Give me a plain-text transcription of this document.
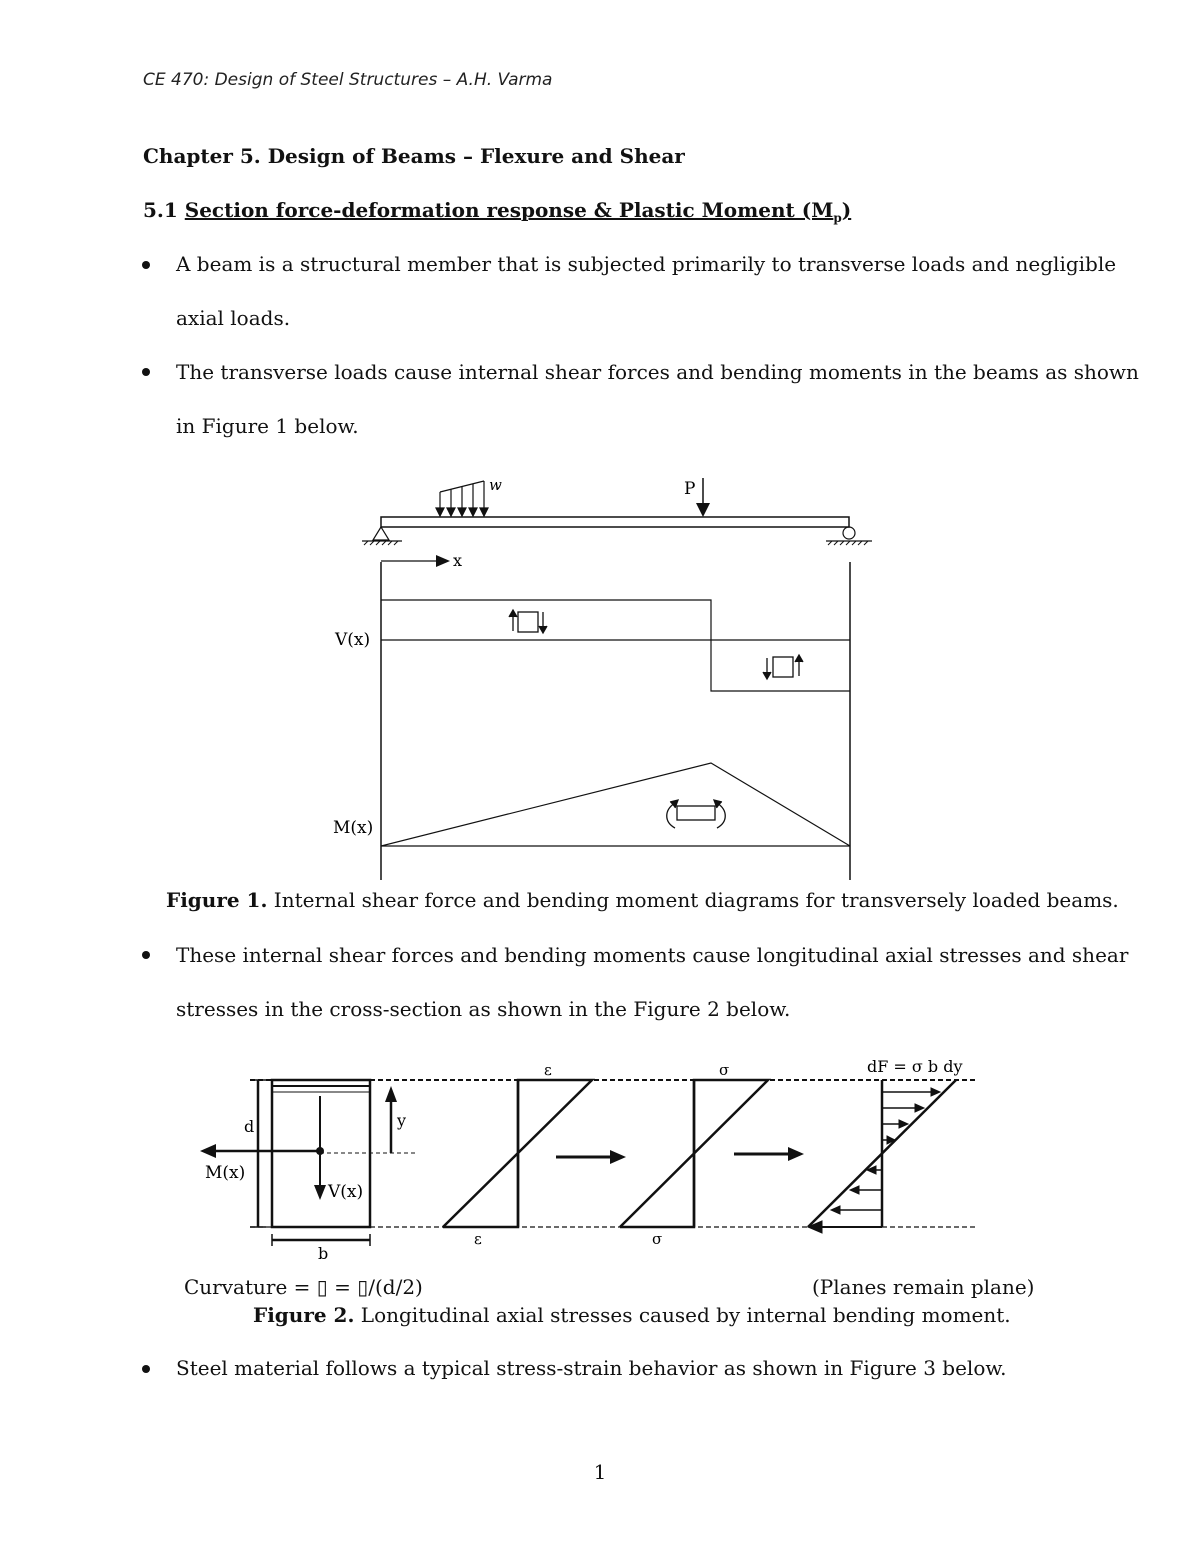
CE 470: Design of Steel Structures – A.H. Varma
Chapter 5. Design of Beams – Flexure and Shear
5.1 Section force-deformation response & Plastic Moment $(M_p)$
A beam is a structural member that is subjected primarily to transverse loads and negligible
axial loads.
The transverse loads cause internal shear forces and bending moments in the beams as shown
in Figure 1 below.
w	P
x
V(x)
M(x)
Figure 1. Internal shear force and bending moment diagrams for transversely loaded beams.
These internal shear forces and bending moments cause longitudinal axial stresses and shear
stresses in the cross-section as shown in the Figure 2 below.
d
M(x)
V(x)
y
b
ε
ε
σ
σ
dF = σ b dy
Curvature = ▯ = ▯/(d/2)	(Planes remain plane)
Figure 2. Longitudinal axial stresses caused by internal bending moment.
Steel material follows a typical stress-strain behavior as shown in Figure 3 below.
1
